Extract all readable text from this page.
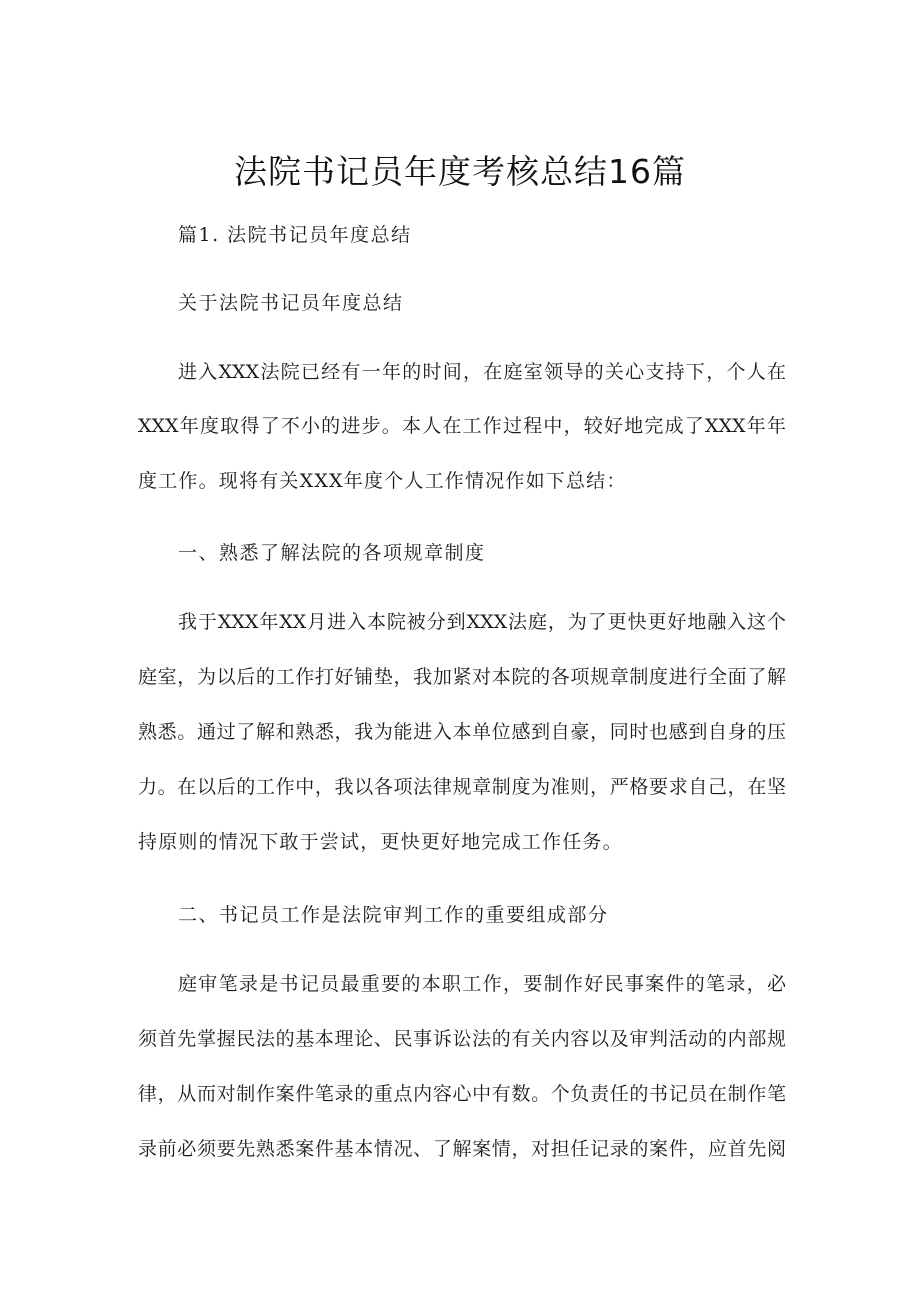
法院书记员年度考核总结16篇
篇1. 法院书记员年度总结
关于法院书记员年度总结
进入XXX法院已经有一年的时间，在庭室领导的关心支持下，个人在
XXX年度取得了不小的进步。本人在工作过程中，较好地完成了XXX年年
度工作。现将有关XXX年度个人工作情况作如下总结：
一、熟悉了解法院的各项规章制度
我于XXX年XX月进入本院被分到XXX法庭，为了更快更好地融入这个
庭室，为以后的工作打好铺垫，我加紧对本院的各项规章制度进行全面了解
熟悉。通过了解和熟悉，我为能进入本单位感到自豪，同时也感到自身的压
力。在以后的工作中，我以各项法律规章制度为准则，严格要求自己，在坚
持原则的情况下敢于尝试，更快更好地完成工作任务。
二、书记员工作是法院审判工作的重要组成部分
庭审笔录是书记员最重要的本职工作，要制作好民事案件的笔录，必
须首先掌握民法的基本理论、民事诉讼法的有关内容以及审判活动的内部规
律，从而对制作案件笔录的重点内容心中有数。个负责任的书记员在制作笔
录前必须要先熟悉案件基本情况、了解案情，对担任记录的案件，应首先阅
